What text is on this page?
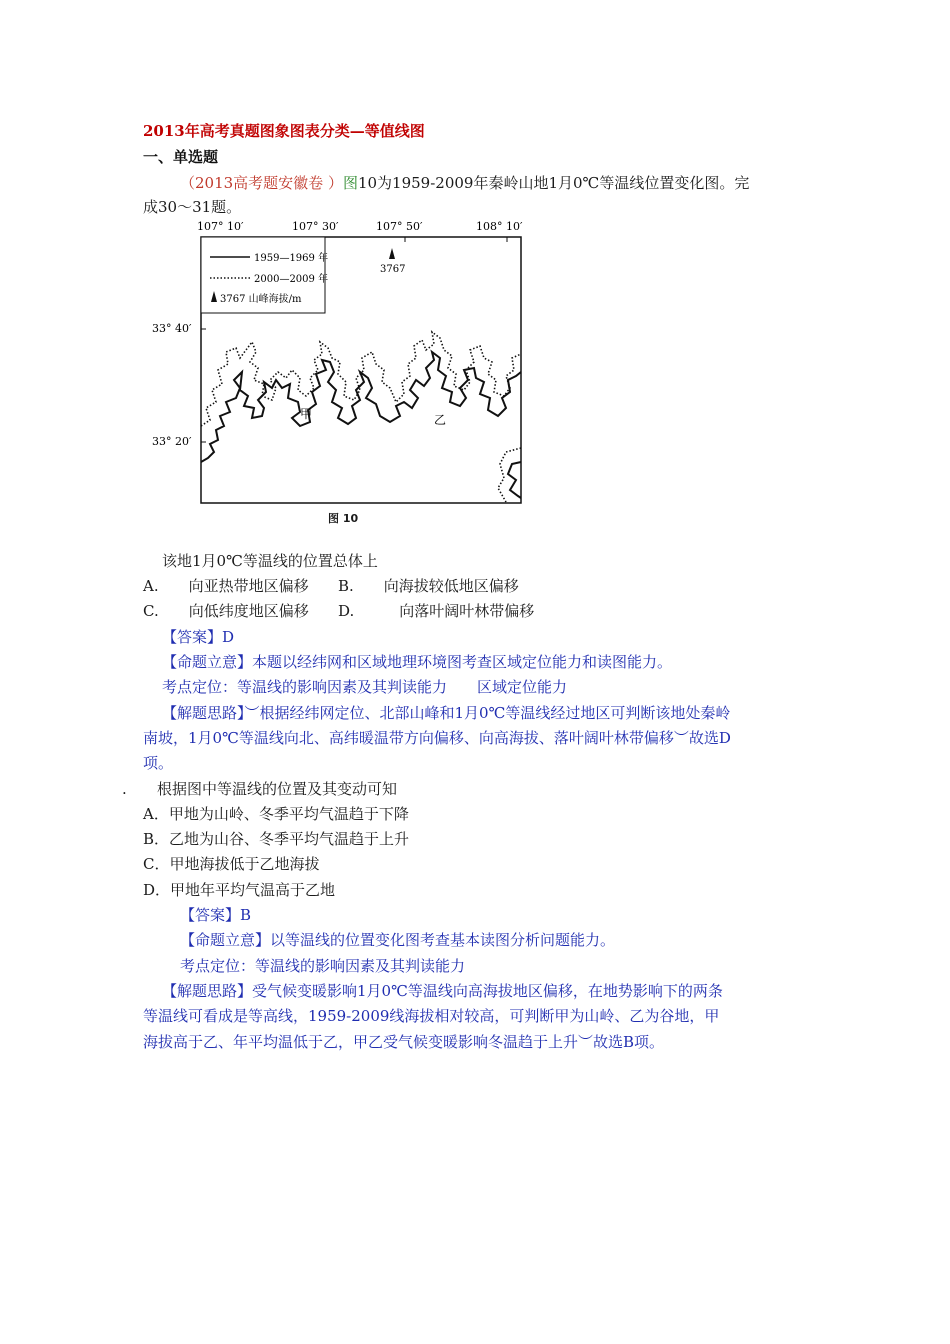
2013年高考真题图象图表分类—等值线图
一、单选题
（2013高考题安徽卷 ）图10为1959-2009年秦岭山地1月0℃等温线位置变化图。完
成30～31题。
107° 10′	107° 30′	107° 50′	108° 10′
33° 40′
33° 20′
1959—1969 年
2000—2009 年
3767 山峰海拔/m
3767
甲	乙
图 10
该地1月0℃等温线的位置总体上
A.　　向亚热带地区偏移 B.　　向海拔较低地区偏移
C.　　向低纬度地区偏移 D.　　　向落叶阔叶林带偏移
【答案】D
【命题立意】本题以经纬网和区域地理环境图考查区域定位能力和读图能力。
考点定位：等温线的影响因素及其判读能力　　区域定位能力
【解题思路】︶根据经纬网定位、北部山峰和1月0℃等温线经过地区可判断该地处秦岭
南坡，1月0℃等温线向北、高纬暖温带方向偏移、向高海拔、落叶阔叶林带偏移︶故选D
项。
. 根据图中等温线的位置及其变动可知
A．甲地为山岭、冬季平均气温趋于下降
B．乙地为山谷、冬季平均气温趋于上升
C．甲地海拔低于乙地海拔
D．甲地年平均气温高于乙地
【答案】B
【命题立意】以等温线的位置变化图考查基本读图分析问题能力。
考点定位：等温线的影响因素及其判读能力
【解题思路】受气候变暖影响1月0℃等温线向高海拔地区偏移，在地势影响下的两条
等温线可看成是等高线，1959-2009线海拔相对较高，可判断甲为山岭、乙为谷地，甲
海拔高于乙、年平均温低于乙，甲乙受气候变暖影响冬温趋于上升︶故选B项。
